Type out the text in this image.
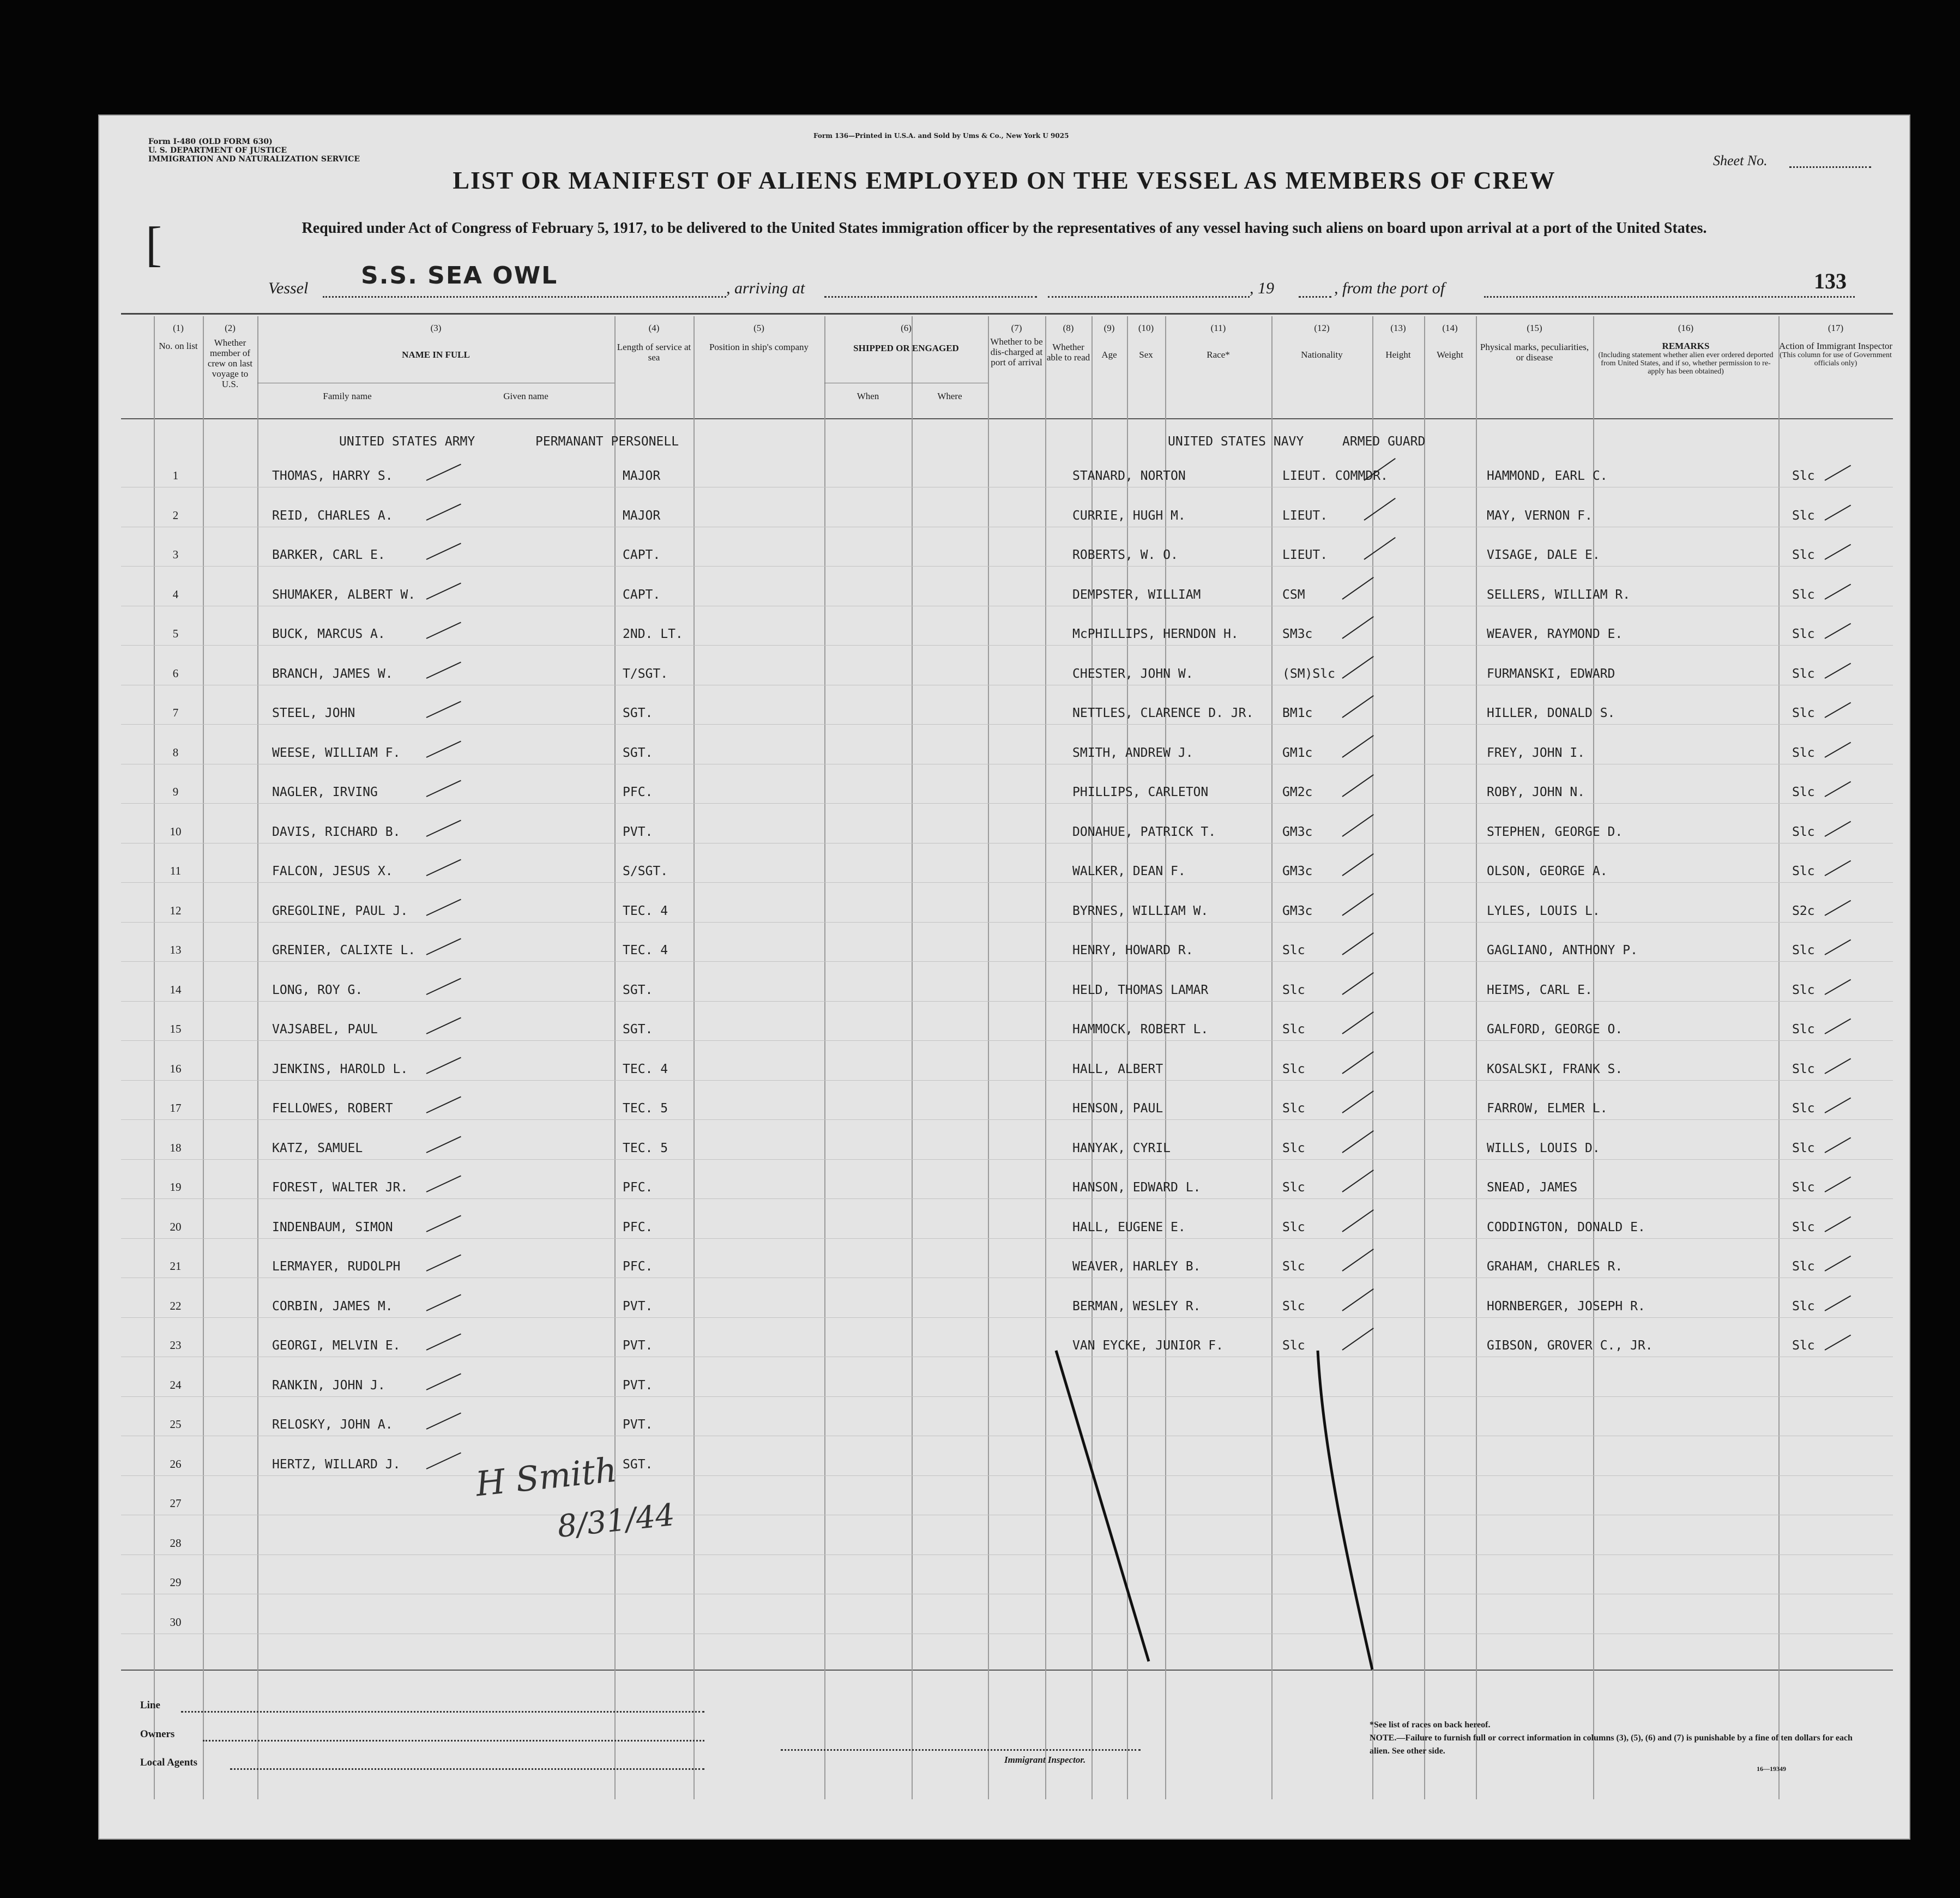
Form I-480 (OLD FORM 630)
U. S. DEPARTMENT OF JUSTICE
IMMIGRATION AND NATURALIZATION SERVICE
Form 136—Printed in U.S.A. and Sold by Ums & Co., New York U 9025
Sheet No.
LIST OR MANIFEST OF ALIENS EMPLOYED ON THE VESSEL AS MEMBERS OF CREW
Required under Act of Congress of February 5, 1917, to be delivered to the United States immigration officer by the representatives of any vessel having such aliens on board upon arrival at a port of the United States.
[
Vessel S.S. SEA OWL	, arriving at	, 19	, from the port of	133
(1)
No. on list
(2)
Whether member of crew on last voyage to U.S.
(3)
NAME IN FULL
Family name	Given name
(4)
Length of service at sea
(5)
Position in ship's company
(6)
SHIPPED OR ENGAGED
When	Where
(7)
Whether to be dis-charged at port of arrival
(8)
Whether able to read
(9)
Age
(10)
Sex
(11)
Race*
(12)
Nationality
(13)
Height
(14)
Weight
(15)
Physical marks, peculiarities, or disease
(16)
REMARKS
(Including statement whether alien ever ordered deported from United States, and if so, whether permission to re-apply has been obtained)
(17)
Action of Immigrant Inspector
(This column for use of Government officials only)
UNITED STATES ARMY	PERMANANT PERSONELL	UNITED STATES NAVY	ARMED GUARD
1	THOMAS, HARRY S.	MAJOR	STANARD, NORTON	LIEUT. COMMDR.	HAMMOND, EARL C.	Slc
2	REID, CHARLES A.	MAJOR	CURRIE, HUGH M.	LIEUT.	MAY, VERNON F.	Slc
3	BARKER, CARL E.	CAPT.	ROBERTS, W. O.	LIEUT.	VISAGE, DALE E.	Slc
4	SHUMAKER, ALBERT W.	CAPT.	DEMPSTER, WILLIAM	CSM	SELLERS, WILLIAM R.	Slc
5	BUCK, MARCUS A.	2ND. LT.	McPHILLIPS, HERNDON H.	SM3c	WEAVER, RAYMOND E.	Slc
6	BRANCH, JAMES W.	T/SGT.	CHESTER, JOHN W.	(SM)Slc	FURMANSKI, EDWARD	Slc
7	STEEL, JOHN	SGT.	NETTLES, CLARENCE D. JR. BM1c	HILLER, DONALD S.	Slc
8	WEESE, WILLIAM F.	SGT.	SMITH, ANDREW J.	GM1c	FREY, JOHN I.	Slc
9	NAGLER, IRVING	PFC.	PHILLIPS, CARLETON	GM2c	ROBY, JOHN N.	Slc
10	DAVIS, RICHARD B.	PVT.	DONAHUE, PATRICK T.	GM3c	STEPHEN, GEORGE D.	Slc
11	FALCON, JESUS X.	S/SGT.	WALKER, DEAN F.	GM3c	OLSON, GEORGE A.	Slc
12	GREGOLINE, PAUL J.	TEC. 4	BYRNES, WILLIAM W.	GM3c	LYLES, LOUIS L.	S2c
13	GRENIER, CALIXTE L.	TEC. 4	HENRY, HOWARD R.	Slc	GAGLIANO, ANTHONY P.	Slc
14	LONG, ROY G.	SGT.	HELD, THOMAS LAMAR	Slc	HEIMS, CARL E.	Slc
15	VAJSABEL, PAUL	SGT.	HAMMOCK, ROBERT L.	Slc	GALFORD, GEORGE O.	Slc
16	JENKINS, HAROLD L.	TEC. 4	HALL, ALBERT	Slc	KOSALSKI, FRANK S.	Slc
17	FELLOWES, ROBERT	TEC. 5	HENSON, PAUL	Slc	FARROW, ELMER L.	Slc
18	KATZ, SAMUEL	TEC. 5	HANYAK, CYRIL	Slc	WILLS, LOUIS D.	Slc
19	FOREST, WALTER JR.	PFC.	HANSON, EDWARD L.	Slc	SNEAD, JAMES	Slc
20	INDENBAUM, SIMON	PFC.	HALL, EUGENE E.	Slc	CODDINGTON, DONALD E.	Slc
21	LERMAYER, RUDOLPH	PFC.	WEAVER, HARLEY B.	Slc	GRAHAM, CHARLES R.	Slc
22	CORBIN, JAMES M.	PVT.	BERMAN, WESLEY R.	Slc	HORNBERGER, JOSEPH R.	Slc
23	GEORGI, MELVIN E.	PVT.	VAN EYCKE, JUNIOR F.	Slc	GIBSON, GROVER C., JR.	Slc
24	RANKIN, JOHN J.	PVT.
25	RELOSKY, JOHN A.	PVT.
26	HERTZ, WILLARD J.	SGT.
27
28
29
30
H Smith
8/31/44
Line
Owners
Local Agents	Immigrant Inspector.
*See list of races on back hereof.
NOTE.—Failure to furnish full or correct information in columns (3), (5), (6) and (7) is punishable by a fine of ten dollars for each alien. See other side.
16—19349
